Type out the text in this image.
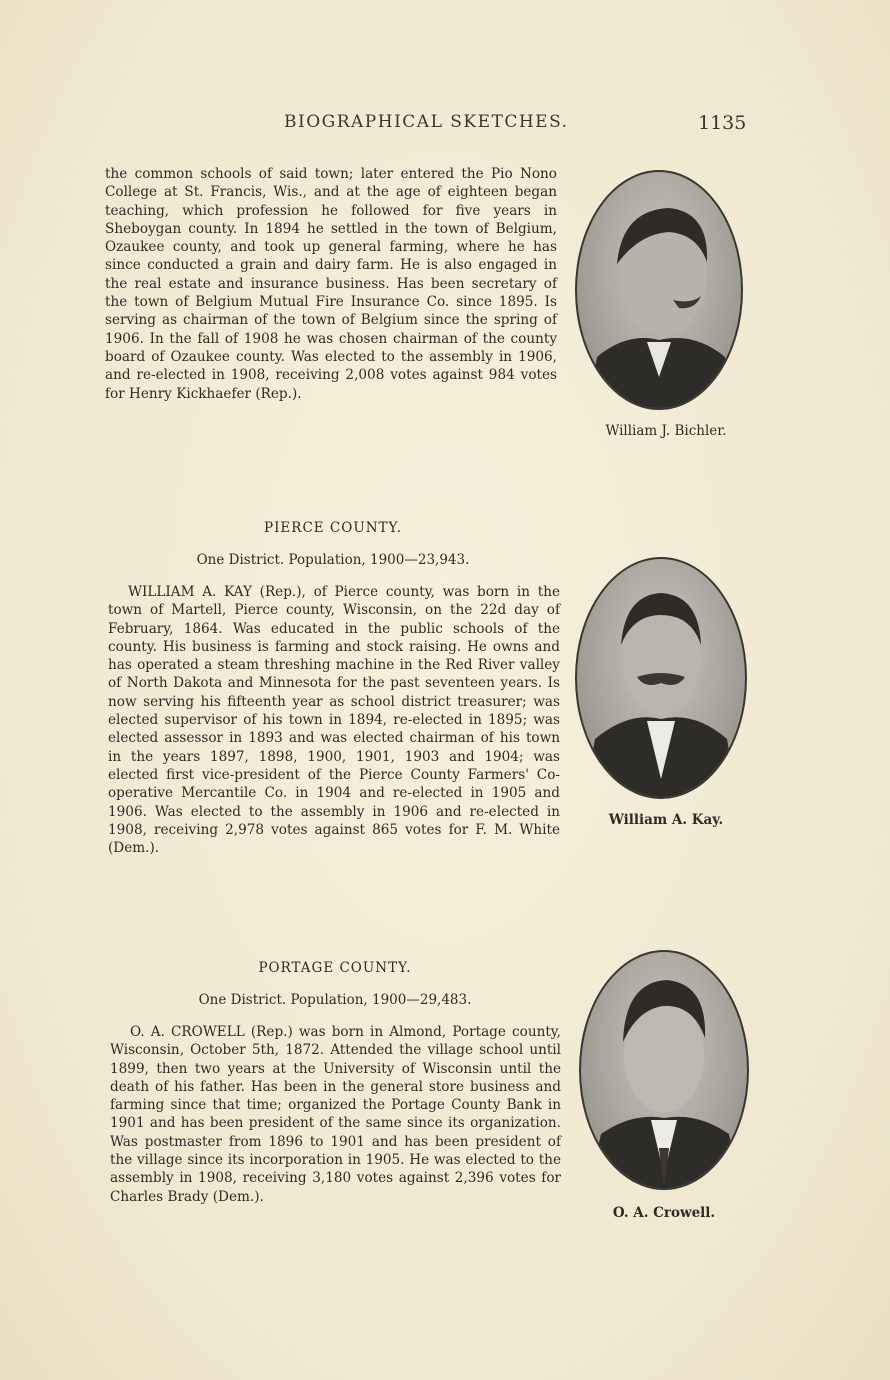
BIOGRAPHICAL SKETCHES.	1135

the common schools of said town; later entered the Pio Nono College at St. Francis, Wis., and at the age of eighteen began teaching, which profession he followed for five years in Sheboygan county. In 1894 he settled in the town of Belgium, Ozaukee county, and took up general farming, where he has since conducted a grain and dairy farm. He is also engaged in the real estate and insurance business. Has been secretary of the town of Belgium Mutual Fire Insurance Co. since 1895. Is serving as chairman of the town of Belgium since the spring of 1906. In the fall of 1908 he was chosen chairman of the county board of Ozaukee county. Was elected to the assembly in 1906, and re-elected in 1908, receiving 2,008 votes against 984 votes for Henry Kickhaefer (Rep.).

William J. Bichler.
PIERCE COUNTY.
One District. Population, 1900—23,943.

WILLIAM A. KAY (Rep.), of Pierce county, was born in the town of Martell, Pierce county, Wisconsin, on the 22d day of February, 1864. Was educated in the public schools of the county. His business is farming and stock raising. He owns and has operated a steam threshing machine in the Red River valley of North Dakota and Minnesota for the past seventeen years. Is now serving his fifteenth year as school district treasurer; was elected supervisor of his town in 1894, re-elected in 1895; was elected assessor in 1893 and was elected chairman of his town in the years 1897, 1898, 1900, 1901, 1903 and 1904; was elected first vice-president of the Pierce County Farmers' Co-operative Mercantile Co. in 1904 and re-elected in 1905 and 1906. Was elected to the assembly in 1906 and re-elected in 1908, receiving 2,978 votes against 865 votes for F. M. White (Dem.).

William A. Kay.
PORTAGE COUNTY.
One District. Population, 1900—29,483.

O. A. CROWELL (Rep.) was born in Almond, Portage county, Wisconsin, October 5th, 1872. Attended the village school until 1899, then two years at the University of Wisconsin until the death of his father. Has been in the general store business and farming since that time; organized the Portage County Bank in 1901 and has been president of the same since its organization. Was postmaster from 1896 to 1901 and has been president of the village since its incorporation in 1905. He was elected to the assembly in 1908, receiving 3,180 votes against 2,396 votes for Charles Brady (Dem.).

O. A. Crowell.
